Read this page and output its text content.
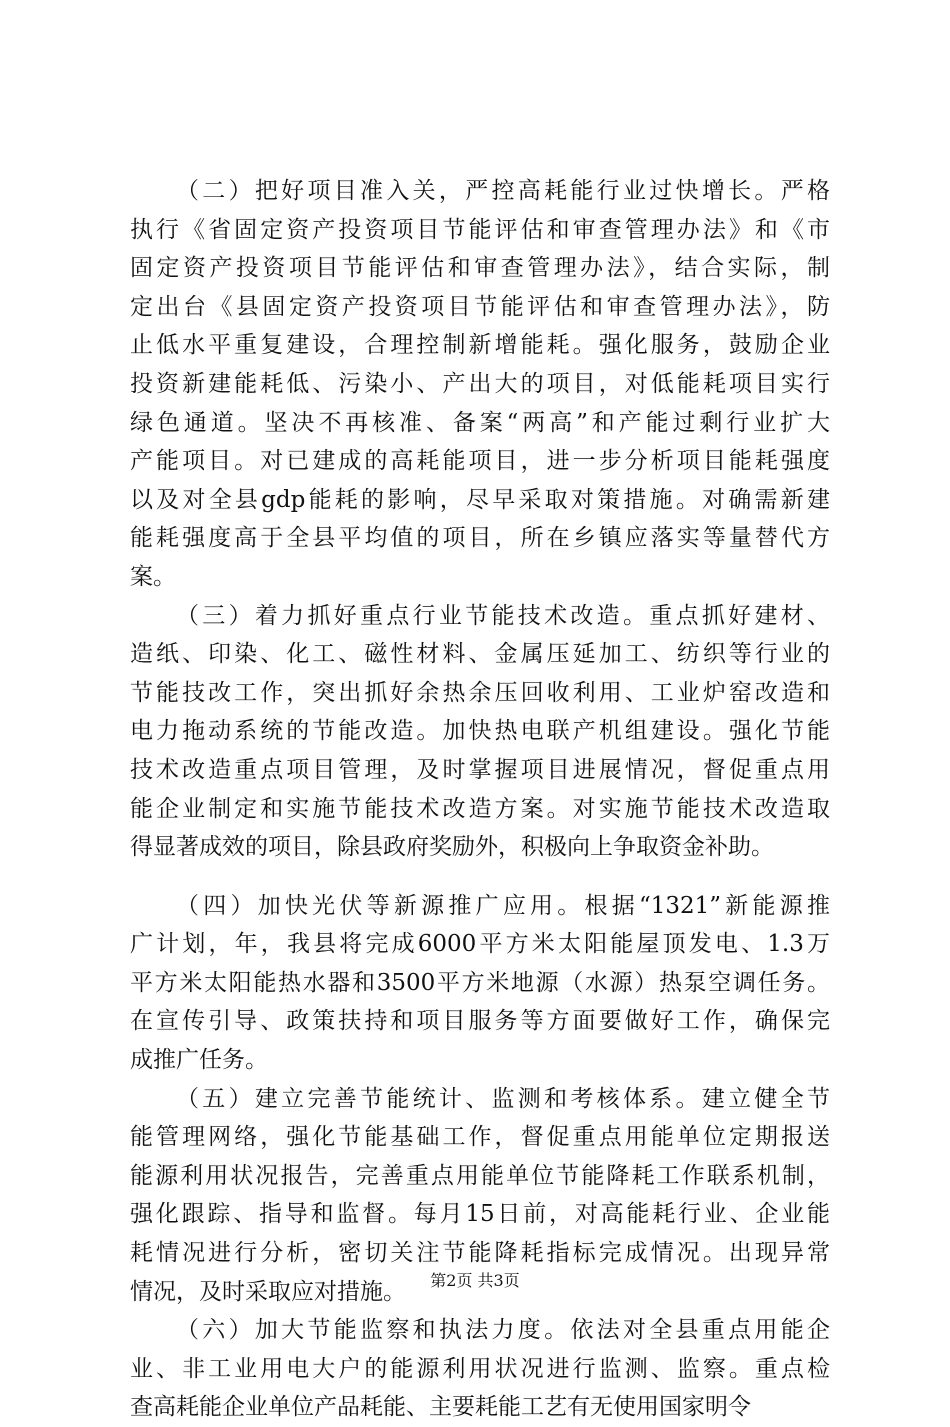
（二）把好项目准入关，严控高耗能行业过快增长。严格
执行《省固定资产投资项目节能评估和审查管理办法》和《市
固定资产投资项目节能评估和审查管理办法》，结合实际，制
定出台《县固定资产投资项目节能评估和审查管理办法》，防
止低水平重复建设，合理控制新增能耗。强化服务，鼓励企业
投资新建能耗低、污染小、产出大的项目，对低能耗项目实行
绿色通道。坚决不再核准、备案“两高”和产能过剩行业扩大
产能项目。对已建成的高耗能项目，进一步分析项目能耗强度
以及对全县gdp能耗的影响，尽早采取对策措施。对确需新建
能耗强度高于全县平均值的项目，所在乡镇应落实等量替代方
案。
（三）着力抓好重点行业节能技术改造。重点抓好建材、
造纸、印染、化工、磁性材料、金属压延加工、纺织等行业的
节能技改工作，突出抓好余热余压回收利用、工业炉窑改造和
电力拖动系统的节能改造。加快热电联产机组建设。强化节能
技术改造重点项目管理，及时掌握项目进展情况，督促重点用
能企业制定和实施节能技术改造方案。对实施节能技术改造取
得显著成效的项目，除县政府奖励外，积极向上争取资金补助。
（四）加快光伏等新源推广应用。根据“1321”新能源推
广计划，年，我县将完成6000平方米太阳能屋顶发电、1.3万
平方米太阳能热水器和3500平方米地源（水源）热泵空调任务。
在宣传引导、政策扶持和项目服务等方面要做好工作，确保完
成推广任务。
（五）建立完善节能统计、监测和考核体系。建立健全节
能管理网络，强化节能基础工作，督促重点用能单位定期报送
能源利用状况报告，完善重点用能单位节能降耗工作联系机制，
强化跟踪、指导和监督。每月15日前，对高能耗行业、企业能
耗情况进行分析，密切关注节能降耗指标完成情况。出现异常
情况，及时采取应对措施。
（六）加大节能监察和执法力度。依法对全县重点用能企
业、非工业用电大户的能源利用状况进行监测、监察。重点检
查高耗能企业单位产品耗能、主要耗能工艺有无使用国家明令
第2页 共3页
